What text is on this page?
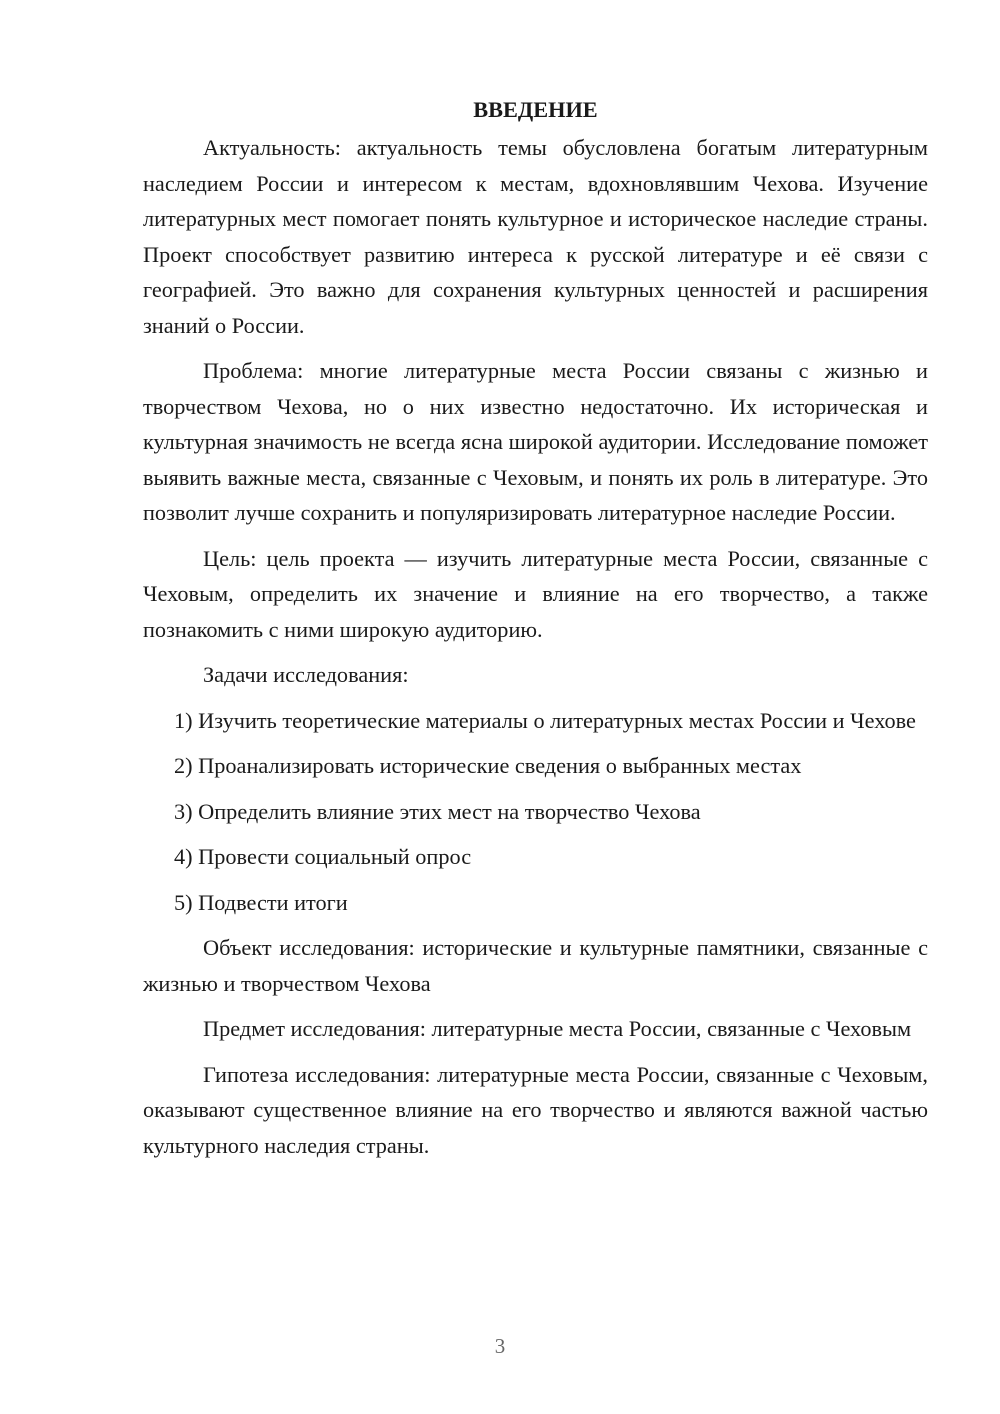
ВВЕДЕНИЕ

Актуальность: актуальность темы обусловлена богатым литературным наследием России и интересом к местам, вдохновлявшим Чехова. Изучение литературных мест помогает понять культурное и историческое наследие страны. Проект способствует развитию интереса к русской литературе и её связи с географией. Это важно для сохранения культурных ценностей и расширения знаний о России.

Проблема: многие литературные места России связаны с жизнью и творчеством Чехова, но о них известно недостаточно. Их историческая и культурная значимость не всегда ясна широкой аудитории. Исследование поможет выявить важные места, связанные с Чеховым, и понять их роль в литературе. Это позволит лучше сохранить и популяризировать литературное наследие России.

Цель: цель проекта — изучить литературные места России, связанные с Чеховым, определить их значение и влияние на его творчество, а также познакомить с ними широкую аудиторию.

Задачи исследования:

1) Изучить теоретические материалы о литературных местах России и Чехове

2) Проанализировать исторические сведения о выбранных местах

3) Определить влияние этих мест на творчество Чехова

4) Провести социальный опрос

5) Подвести итоги

Объект исследования: исторические и культурные памятники, связанные с жизнью и творчеством Чехова

Предмет исследования: литературные места России, связанные с Чеховым

Гипотеза исследования: литературные места России, связанные с Чеховым, оказывают существенное влияние на его творчество и являются важной частью культурного наследия страны.

3
